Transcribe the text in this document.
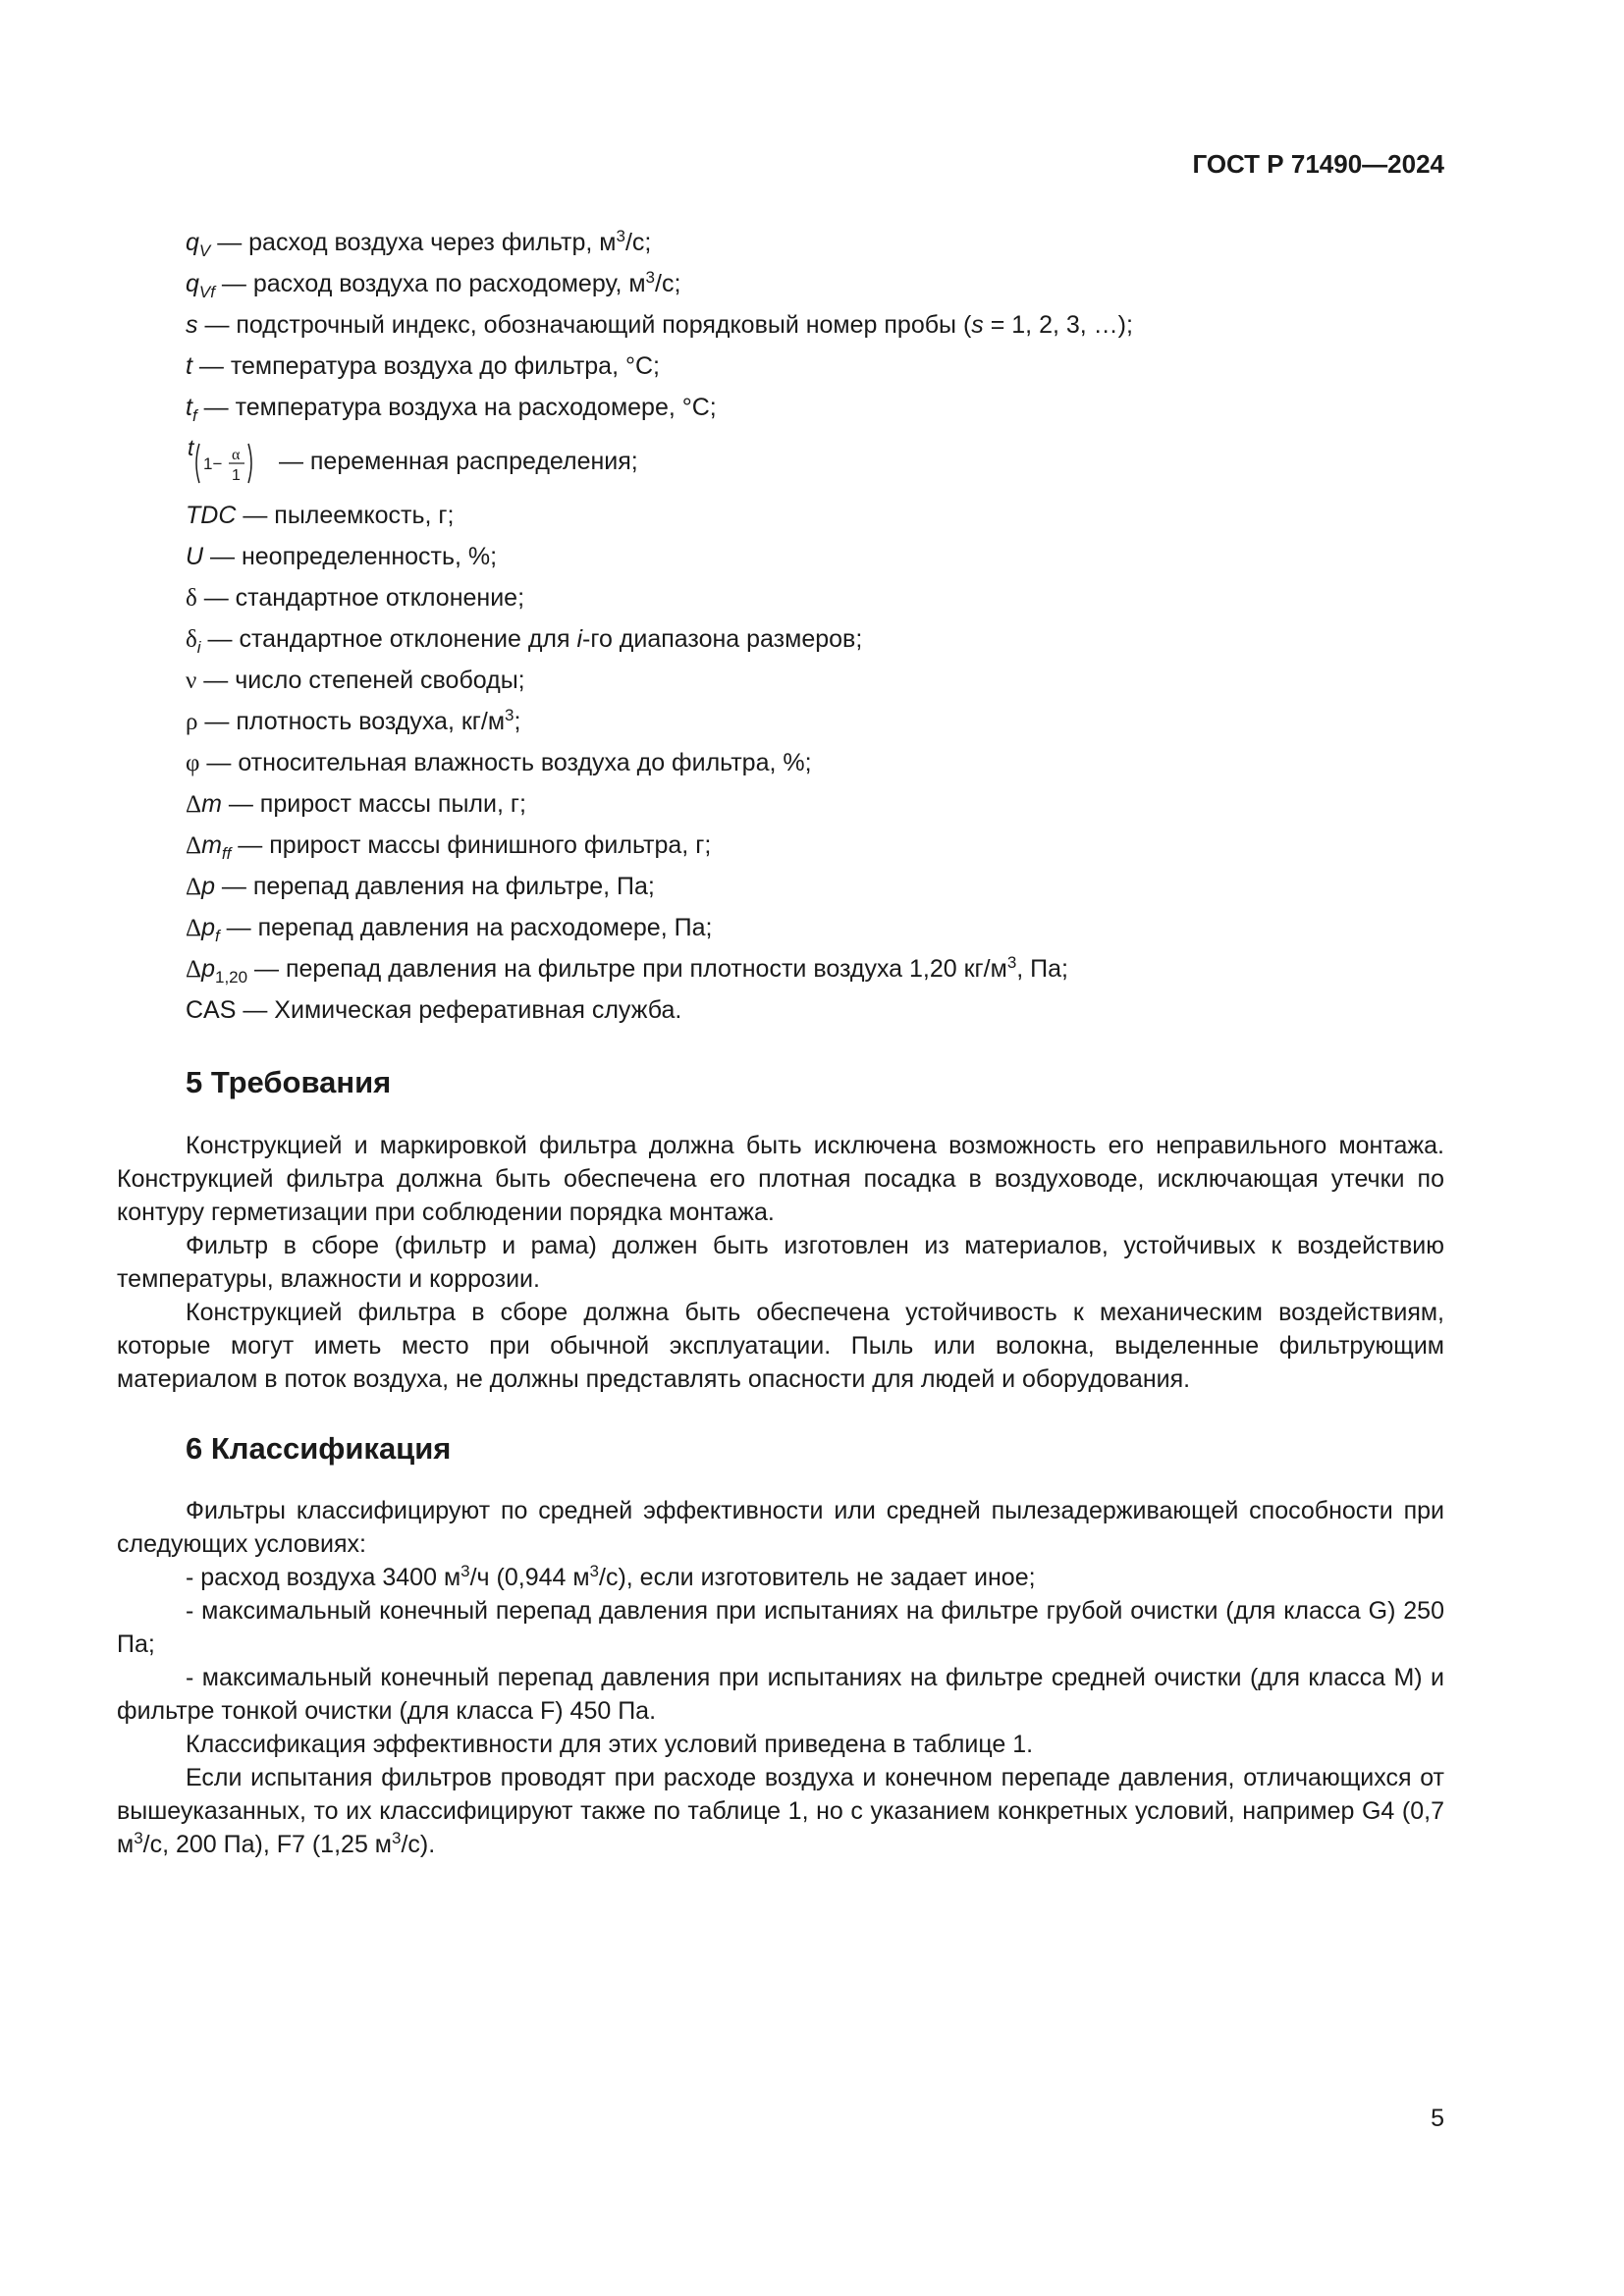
ГОСТ Р 71490—2024
$q_V$ — расход воздуха через фильтр, $м^3/с$;
$q_{Vf}$ — расход воздуха по расходомеру, $м^3/с$;
s — подстрочный индекс, обозначающий порядковый номер пробы (s = 1, 2, 3, …);
t — температура воздуха до фильтра, °С;
$t_f$ — температура воздуха на расходомере, °С;
t
1− α
1
— переменная распределения;
TDC — пылеемкость, г;
U — неопределенность, %;
δ — стандартное отклонение;
$\delta_i$ — стандартное отклонение для i-го диапазона размеров;
ν — число степеней свободы;
ρ — плотность воздуха, $кг/м^3$;
φ — относительная влажность воздуха до фильтра, %;
Δm — прирост массы пыли, г;
$\Delta m_{ff}$ — прирост массы финишного фильтра, г;
Δp — перепад давления на фильтре, Па;
$\Delta p_f$ — перепад давления на расходомере, Па;
$\Delta p_{1,20}$ — перепад давления на фильтре при плотности воздуха 1,20 $кг/м^3$, Па;
CAS — Химическая реферативная служба.
5 Требования

Конструкцией и маркировкой фильтра должна быть исключена возможность его неправильного монтажа. Конструкцией фильтра должна быть обеспечена его плотная посадка в воздуховоде, исключающая утечки по контуру герметизации при соблюдении порядка монтажа.

Фильтр в сборе (фильтр и рама) должен быть изготовлен из материалов, устойчивых к воздействию температуры, влажности и коррозии.

Конструкцией фильтра в сборе должна быть обеспечена устойчивость к механическим воздействиям, которые могут иметь место при обычной эксплуатации. Пыль или волокна, выделенные фильтрующим материалом в поток воздуха, не должны представлять опасности для людей и оборудования.

6 Классификация

Фильтры классифицируют по средней эффективности или средней пылезадерживающей способности при следующих условиях:

- расход воздуха 3400 $м^3/ч$ (0,944 $м^3/с$), если изготовитель не задает иное;

- максимальный конечный перепад давления при испытаниях на фильтре грубой очистки (для класса G) 250 Па;

- максимальный конечный перепад давления при испытаниях на фильтре средней очистки (для класса M) и фильтре тонкой очистки (для класса F) 450 Па.

Классификация эффективности для этих условий приведена в таблице 1.

Если испытания фильтров проводят при расходе воздуха и конечном перепаде давления, отличающихся от вышеуказанных, то их классифицируют также по таблице 1, но с указанием конкретных условий, например G4 (0,7 $м^3/с$, 200 Па), F7 (1,25 $м^3/с$).

5
